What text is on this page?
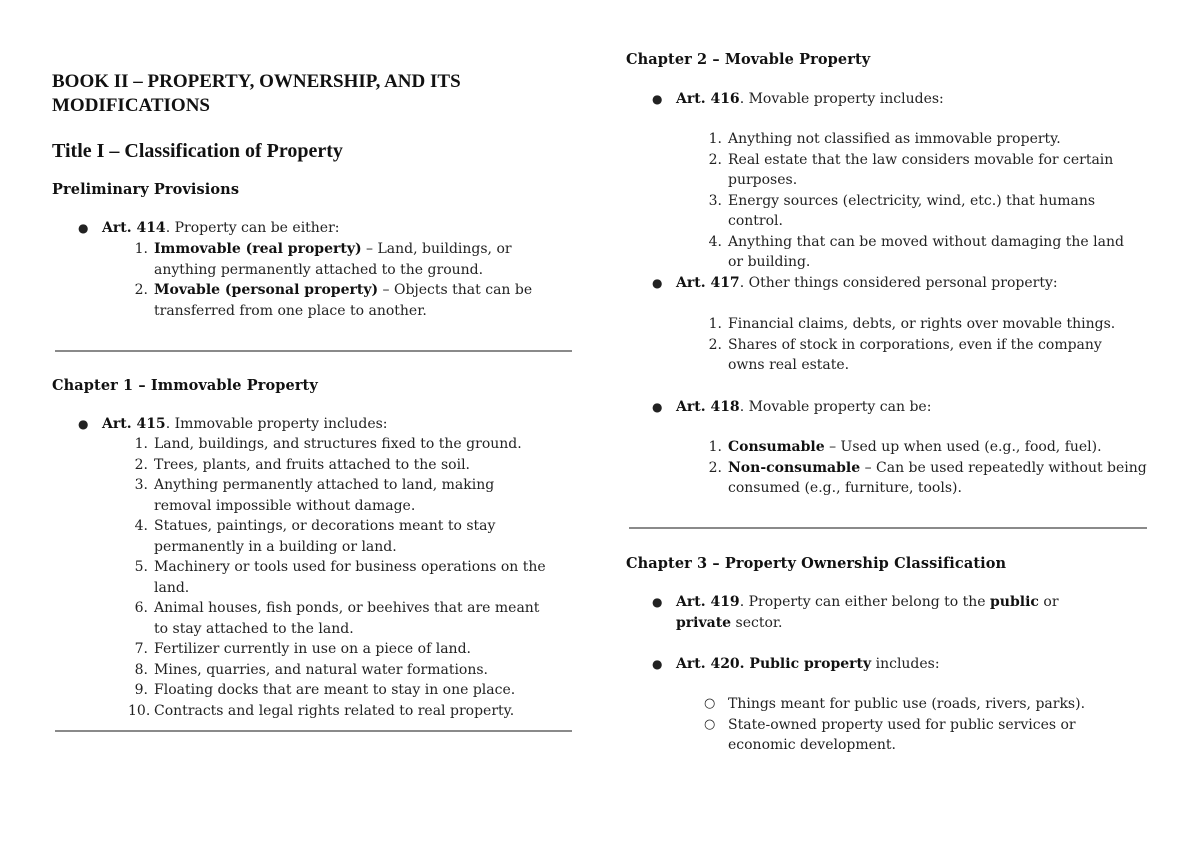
BOOK II – PROPERTY, OWNERSHIP, AND ITS MODIFICATIONS
Title I – Classification of Property
Preliminary Provisions
● Art. 414. Property can be either:
1. Immovable (real property) – Land, buildings, or anything permanently attached to the ground.
2. Movable (personal property) – Objects that can be transferred from one place to another.
Chapter 1 – Immovable Property
● Art. 415. Immovable property includes:
1. Land, buildings, and structures fixed to the ground.
2. Trees, plants, and fruits attached to the soil.
3. Anything permanently attached to land, making removal impossible without damage.
4. Statues, paintings, or decorations meant to stay permanently in a building or land.
5. Machinery or tools used for business operations on the land.
6. Animal houses, fish ponds, or beehives that are meant to stay attached to the land.
7. Fertilizer currently in use on a piece of land.
8. Mines, quarries, and natural water formations.
9. Floating docks that are meant to stay in one place.
10. Contracts and legal rights related to real property.
Chapter 2 – Movable Property
● Art. 416. Movable property includes:
1. Anything not classified as immovable property.
2. Real estate that the law considers movable for certain purposes.
3. Energy sources (electricity, wind, etc.) that humans control.
4. Anything that can be moved without damaging the land or building.
● Art. 417. Other things considered personal property:
1. Financial claims, debts, or rights over movable things.
2. Shares of stock in corporations, even if the company owns real estate.
● Art. 418. Movable property can be:
1. Consumable – Used up when used (e.g., food, fuel).
2. Non-consumable – Can be used repeatedly without being consumed (e.g., furniture, tools).
Chapter 3 – Property Ownership Classification
● Art. 419. Property can either belong to the public or private sector.
● Art. 420. Public property includes:
○ Things meant for public use (roads, rivers, parks).
○ State-owned property used for public services or economic development.
